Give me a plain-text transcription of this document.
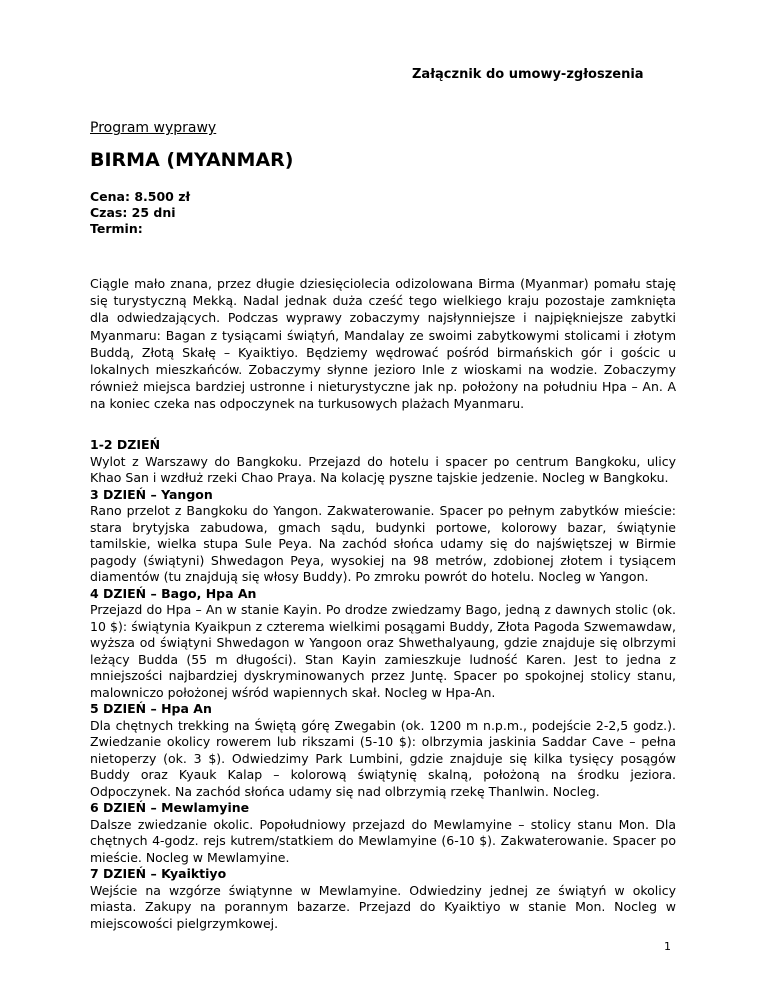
Załącznik do umowy-zgłoszenia
Program wyprawy
BIRMA (MYANMAR)
Cena: 8.500 zł
Czas: 25 dni
Termin:
Ciągle mało znana, przez długie dziesięciolecia odizolowana Birma (Myanmar) pomału staję się turystyczną Mekką. Nadal jednak duża cześć tego wielkiego kraju pozostaje zamknięta dla odwiedzających. Podczas wyprawy zobaczymy najsłynniejsze i najpiękniejsze zabytki Myanmaru: Bagan z tysiącami świątyń, Mandalay ze swoimi zabytkowymi stolicami i złotym Buddą, Złotą Skałę – Kyaiktiyo. Będziemy wędrować pośród birmańskich gór i gościc u lokalnych mieszkańców. Zobaczymy słynne jezioro Inle z wioskami na wodzie. Zobaczymy również miejsca bardziej ustronne i nieturystyczne jak np. położony na południu Hpa – An. A na koniec czeka nas odpoczynek na turkusowych plażach Myanmaru.
1-2 DZIEŃ
Wylot z Warszawy do Bangkoku. Przejazd do hotelu i spacer po centrum Bangkoku, ulicy Khao San i wzdłuż rzeki Chao Praya. Na kolację pyszne tajskie jedzenie. Nocleg w Bangkoku.
3 DZIEŃ – Yangon
Rano przelot z Bangkoku do Yangon. Zakwaterowanie. Spacer po pełnym zabytków mieście: stara brytyjska zabudowa, gmach sądu, budynki portowe, kolorowy bazar, świątynie tamilskie, wielka stupa Sule Peya. Na zachód słońca udamy się do najświętszej w Birmie pagody (świątyni) Shwedagon Peya, wysokiej na 98 metrów, zdobionej złotem i tysiącem diamentów (tu znajdują się włosy Buddy). Po zmroku powrót do hotelu. Nocleg w Yangon.
4 DZIEŃ – Bago, Hpa An
Przejazd do Hpa – An w stanie Kayin. Po drodze zwiedzamy Bago, jedną z dawnych stolic (ok. 10 $): świątynia Kyaikpun z czterema wielkimi posągami Buddy, Złota Pagoda Szwemawdaw, wyższa od świątyni Shwedagon w Yangoon oraz Shwethalyaung, gdzie znajduje się olbrzymi leżący Budda (55 m długości). Stan Kayin zamieszkuje ludność Karen. Jest to jedna z mniejszości najbardziej dyskryminowanych przez Juntę. Spacer po spokojnej stolicy stanu, malowniczo położonej wśród wapiennych skał. Nocleg w Hpa-An.
5 DZIEŃ – Hpa An
Dla chętnych trekking na Świętą górę Zwegabin (ok. 1200 m n.p.m., podejście 2-2,5 godz.). Zwiedzanie okolicy rowerem lub rikszami (5-10 $): olbrzymia jaskinia Saddar Cave – pełna nietoperzy (ok. 3 $). Odwiedzimy Park Lumbini, gdzie znajduje się kilka tysięcy posągów Buddy oraz Kyauk Kalap – kolorową świątynię skalną, położoną na środku jeziora. Odpoczynek. Na zachód słońca udamy się nad olbrzymią rzekę Thanlwin. Nocleg.
6 DZIEŃ – Mewlamyine
Dalsze zwiedzanie okolic. Popołudniowy przejazd do Mewlamyine – stolicy stanu Mon. Dla chętnych 4-godz. rejs kutrem/statkiem do Mewlamyine (6-10 $). Zakwaterowanie. Spacer po mieście. Nocleg w Mewlamyine.
7 DZIEŃ – Kyaiktiyo
Wejście na wzgórze świątynne w Mewlamyine. Odwiedziny jednej ze świątyń w okolicy miasta. Zakupy na porannym bazarze. Przejazd do Kyaiktiyo w stanie Mon. Nocleg w miejscowości pielgrzymkowej.
1
